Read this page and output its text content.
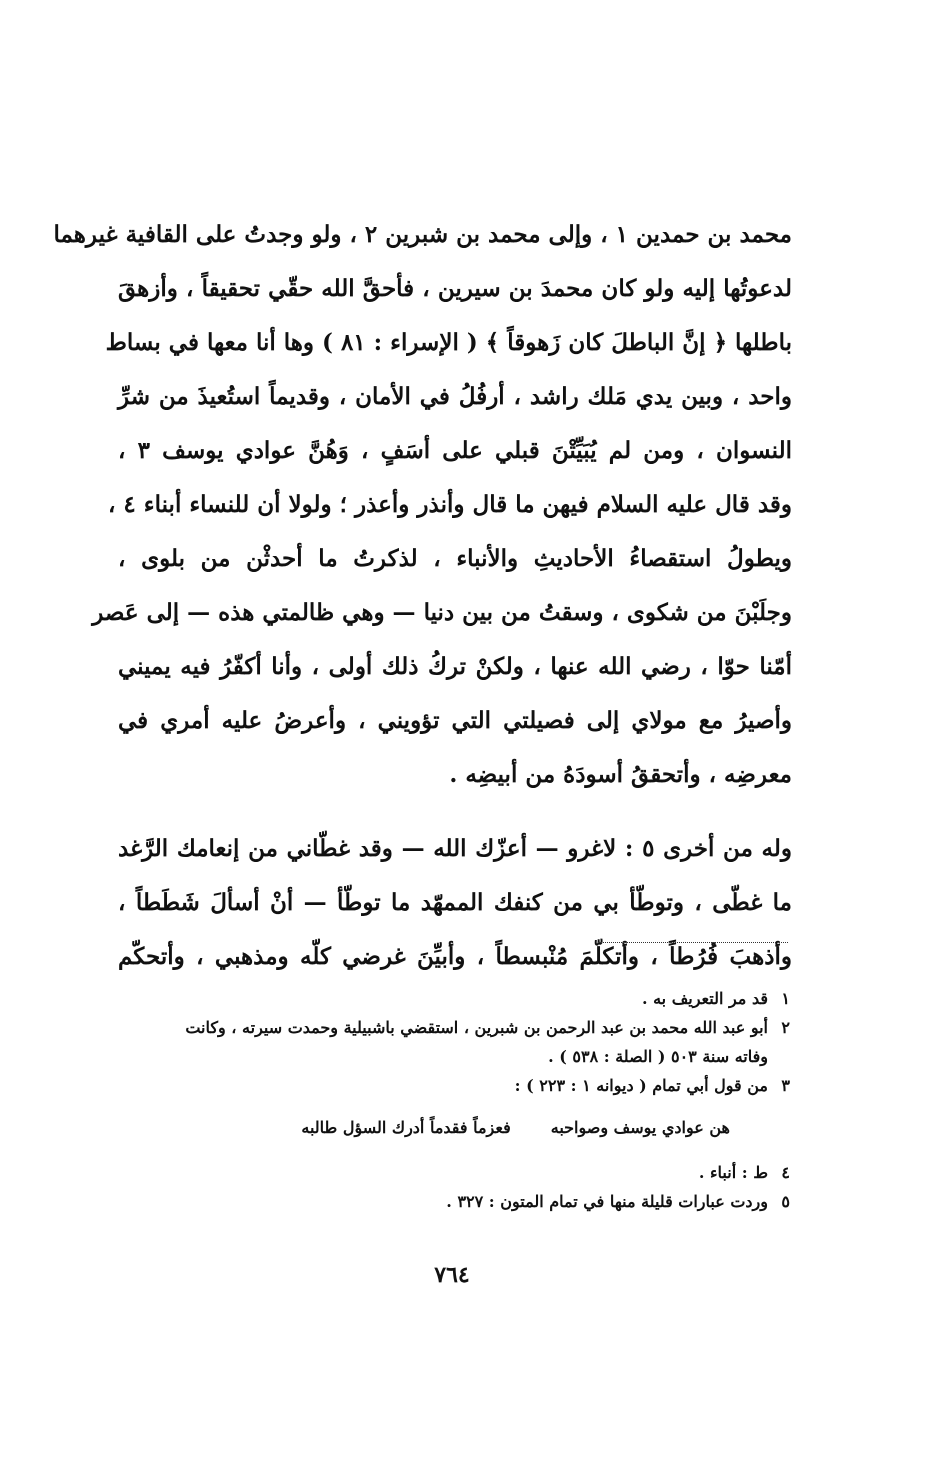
محمد بن حمدين ١ ، وإلى محمد بن شبرين ٢ ، ولو وجدتُ على القافية غيرهما
لدعوتُها إليه ولو كان محمدَ بن سيرين ، فأحقَّ الله حقّي تحقيقاً ، وأزهقَ
باطلها ﴿ إنَّ الباطلَ كان زَهوقاً ﴾ ( الإسراء : ٨١ ) وها أنا معها في بساط
واحد ، وبين يدي مَلك راشد ، أرفُلُ في الأمان ، وقديماً استُعيذَ من شرِّ
النسوان ، ومن لم يُبَيِّتْنَ قبلي على أسَفٍ ، وَهُنَّ عوادي يوسف ٣ ،
وقد قال عليه السلام فيهن ما قال وأنذر وأعذر ؛ ولولا أن للنساء أبناء ٤ ،
ويطولُ استقصاءُ الأحاديثِ والأنباء ، لذكرتُ ما أحدثْن من بلوى ،
وجلَبْنَ من شكوى ، وسقتُ من بين دنيا — وهي ظالمتي هذه — إلى عَصر
أمّنا حوّا ، رضي الله عنها ، ولكنْ تركُ ذلك أولى ، وأنا أكفّرُ فيه يميني
وأصيرُ مع مولاي إلى فصيلتي التي تؤويني ، وأعرضُ عليه أمري في
معرضِه ، وأتحققُ أسودَهُ من أبيضِه .
وله من أخرى ٥ : لاغرو — أعزّك الله — وقد غطّاني من إنعامك الرَّغد
ما غطّى ، وتوطّأ بي من كنفك الممهّد ما توطّأ — أنْ أسألَ شَطَطاً ،
وأذهبَ فُرُطاً ، وأتكلّمَ مُنْبسطاً ، وأبيِّنَ غرضي كلّه ومذهبي ، وأتحكّم
١قد مر التعريف به .
٢أبو عبد الله محمد بن عبد الرحمن بن شبرين ، استقضي باشبيلية وحمدت سيرته ، وكانت
وفاته سنة ٥٠٣ ( الصلة : ٥٣٨ ) .
٣من قول أبي تمام ( ديوانه ١ : ٢٢٣ ) :
هن عوادي يوسف وصواحبه
فعزماً فقدماً أدرك السؤل طالبه
٤ط : أنباء .
٥وردت عبارات قليلة منها في تمام المتون : ٣٢٧ .
٧٦٤
